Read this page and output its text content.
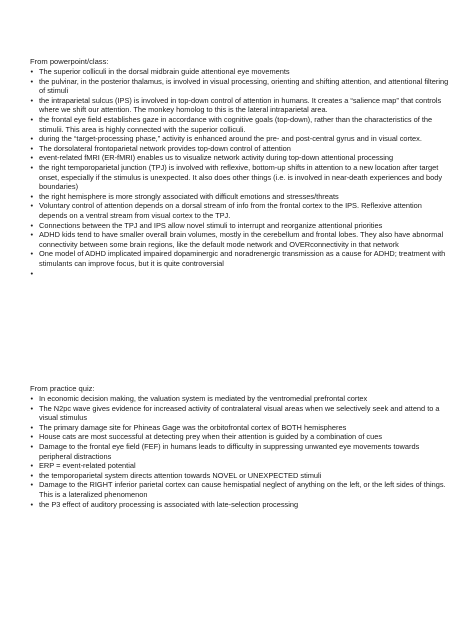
From powerpoint/class:
• The superior colliculi in the dorsal midbrain guide attentional eye movements
• the pulvinar, in the posterior thalamus, is involved in visual processing, orienting and shifting attention, and attentional filtering of stimuli
• the intraparietal sulcus (IPS) is involved in top-down control of attention in humans. It creates a “salience map” that controls where we shift our attention. The monkey homolog to this is the lateral intraparietal area.
• the frontal eye field establishes gaze in accordance with cognitive goals (top-down), rather than the characteristics of the stimulii. This area is highly connected with the superior colliculi.
• during the “target-processing phase,” activity is enhanced around the pre- and post-central gyrus and in visual cortex.
• The dorsolateral frontoparietal network provides top-down control of attention
• event-related fMRI (ER-fMRI) enables us to visualize network activity during top-down attentional processing
• the right temporoparietal junction (TPJ) is involved with reflexive, bottom-up shifts in attention to a new location after target onset, especially if the stimulus is unexpected. It also does other things (i.e. is involved in near-death experiences and body boundaries)
• the right hemisphere is more strongly associated with difficult emotions and stresses/threats
• Voluntary control of attention depends on a dorsal stream of info from the frontal cortex to the IPS. Reflexive attention depends on a ventral stream from visual cortex to the TPJ.
• Connections between the TPJ and IPS allow novel stimuli to interrupt and reorganize attentional priorities
• ADHD kids tend to have smaller overall brain volumes, mostly in the cerebellum and frontal lobes. They also have abnormal connectivity between some brain regions, like the default mode network and OVERconnectivity in that network
• One model of ADHD implicated impaired dopaminergic and noradrenergic transmission as a cause for ADHD; treatment with stimulants can improve focus, but it is quite controversial
•
From practice quiz:
• In economic decision making, the valuation system is mediated by the ventromedial prefrontal cortex
• The N2pc wave gives evidence for increased activity of contralateral visual areas when we selectively seek and attend to a visual stimulus
• The primary damage site for Phineas Gage was the orbitofrontal cortex of BOTH hemispheres
• House cats are most successful at detecting prey when their attention is guided by a combination of cues
• Damage to the frontal eye field (FEF) in humans leads to difficulty in suppressing unwanted eye movements towards peripheral distractions
• ERP = event-related potential
• the temporoparietal system directs attention towards NOVEL or UNEXPECTED stimuli
• Damage to the RIGHT inferior parietal cortex can cause hemispatial neglect of anything on the left, or the left sides of things. This is a lateralized phenomenon
• the P3 effect of auditory processing is associated with late-selection processing
